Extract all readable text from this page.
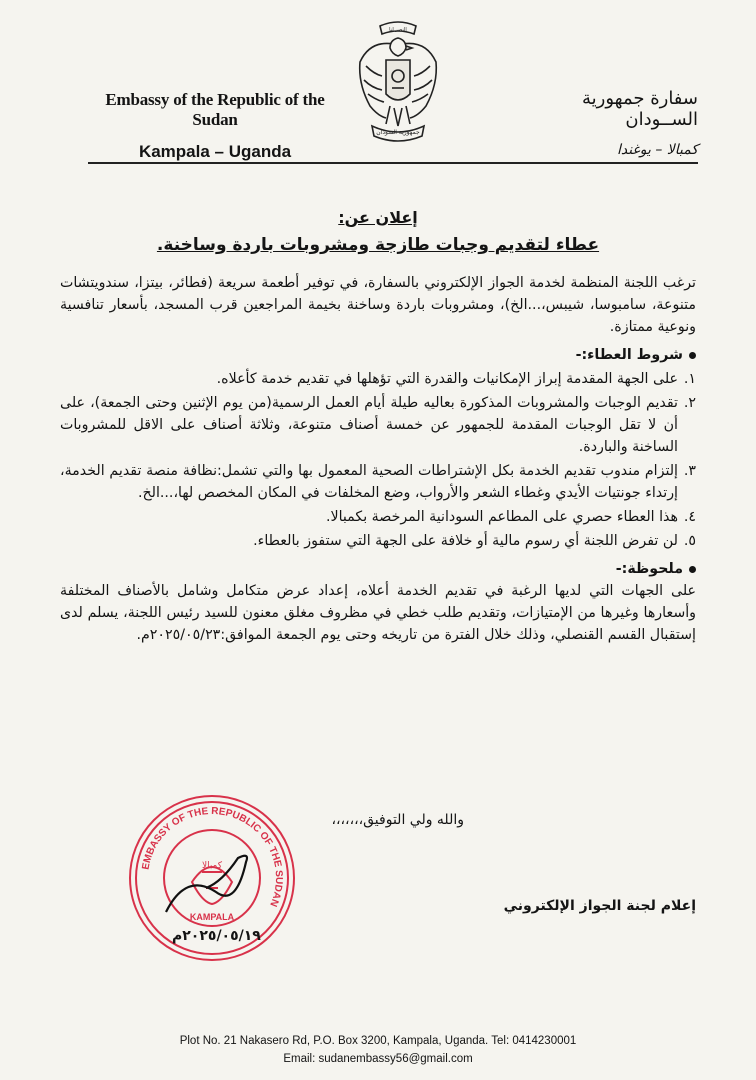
Embassy of the Republic of the Sudan
Kampala – Uganda
جمهورية السودان
النصر لنا
سفارة جمهورية الســودان
كمبالا – يوغندا
إعلان عن:
عطاء لتقديم وجبات طازجة ومشروبات باردة وساخنة.

ترغب اللجنة المنظمة لخدمة الجواز الإلكتروني بالسفارة، في توفير أطعمة سريعة (فطائر، بيتزا، سندويتشات متنوعة، سامبوسا، شيبس،...الخ)، ومشروبات باردة وساخنة بخيمة المراجعين قرب المسجد، بأسعار تنافسية ونوعية ممتازة.

شروط العطاء:-
١.
على الجهة المقدمة إبراز الإمكانيات والقدرة التي تؤهلها في تقديم خدمة كأعلاه.
٢.
تقديم الوجبات والمشروبات المذكورة بعاليه طيلة أيام العمل الرسمية(من يوم الإثنين وحتى الجمعة)، على أن لا تقل الوجبات المقدمة للجمهور عن خمسة أصناف متنوعة، وثلاثة أصناف على الاقل للمشروبات الساخنة والباردة.
٣.
إلتزام مندوب تقديم الخدمة بكل الإشتراطات الصحية المعمول بها والتي تشمل:نظافة منصة تقديم الخدمة، إرتداء جونتيات الأيدي وغطاء الشعر والأرواب، وضع المخلفات في المكان المخصص لها،...الخ.
٤.
هذا العطاء حصري على المطاعم السودانية المرخصة بكمبالا.
٥.
لن تفرض اللجنة أي رسوم مالية أو خلافة على الجهة التي ستفوز بالعطاء.
ملحوظة:-

على الجهات التي لديها الرغبة في تقديم الخدمة أعلاه، إعداد عرض متكامل وشامل بالأصناف المختلفة وأسعارها وغيرها من الإمتيازات، وتقديم طلب خطي في مظروف مغلق معنون للسيد رئيس اللجنة، يسلم لدى إستقبال القسم القنصلي، وذلك خلال الفترة من تاريخه وحتى يوم الجمعة الموافق:٢٠٢٥/٠٥/٢٣م.

والله ولي التوفيق،،،،،،،
EMBASSY OF THE REPUBLIC OF THE SUDAN
كمبالا
KAMPALA
إعلام لجنة الجواز الإلكتروني
٢٠٢٥/٠٥/١٩م
Plot No. 21 Nakasero Rd, P.O. Box 3200, Kampala, Uganda. Tel: 0414230001
Email: sudanembassy56@gmail.com
